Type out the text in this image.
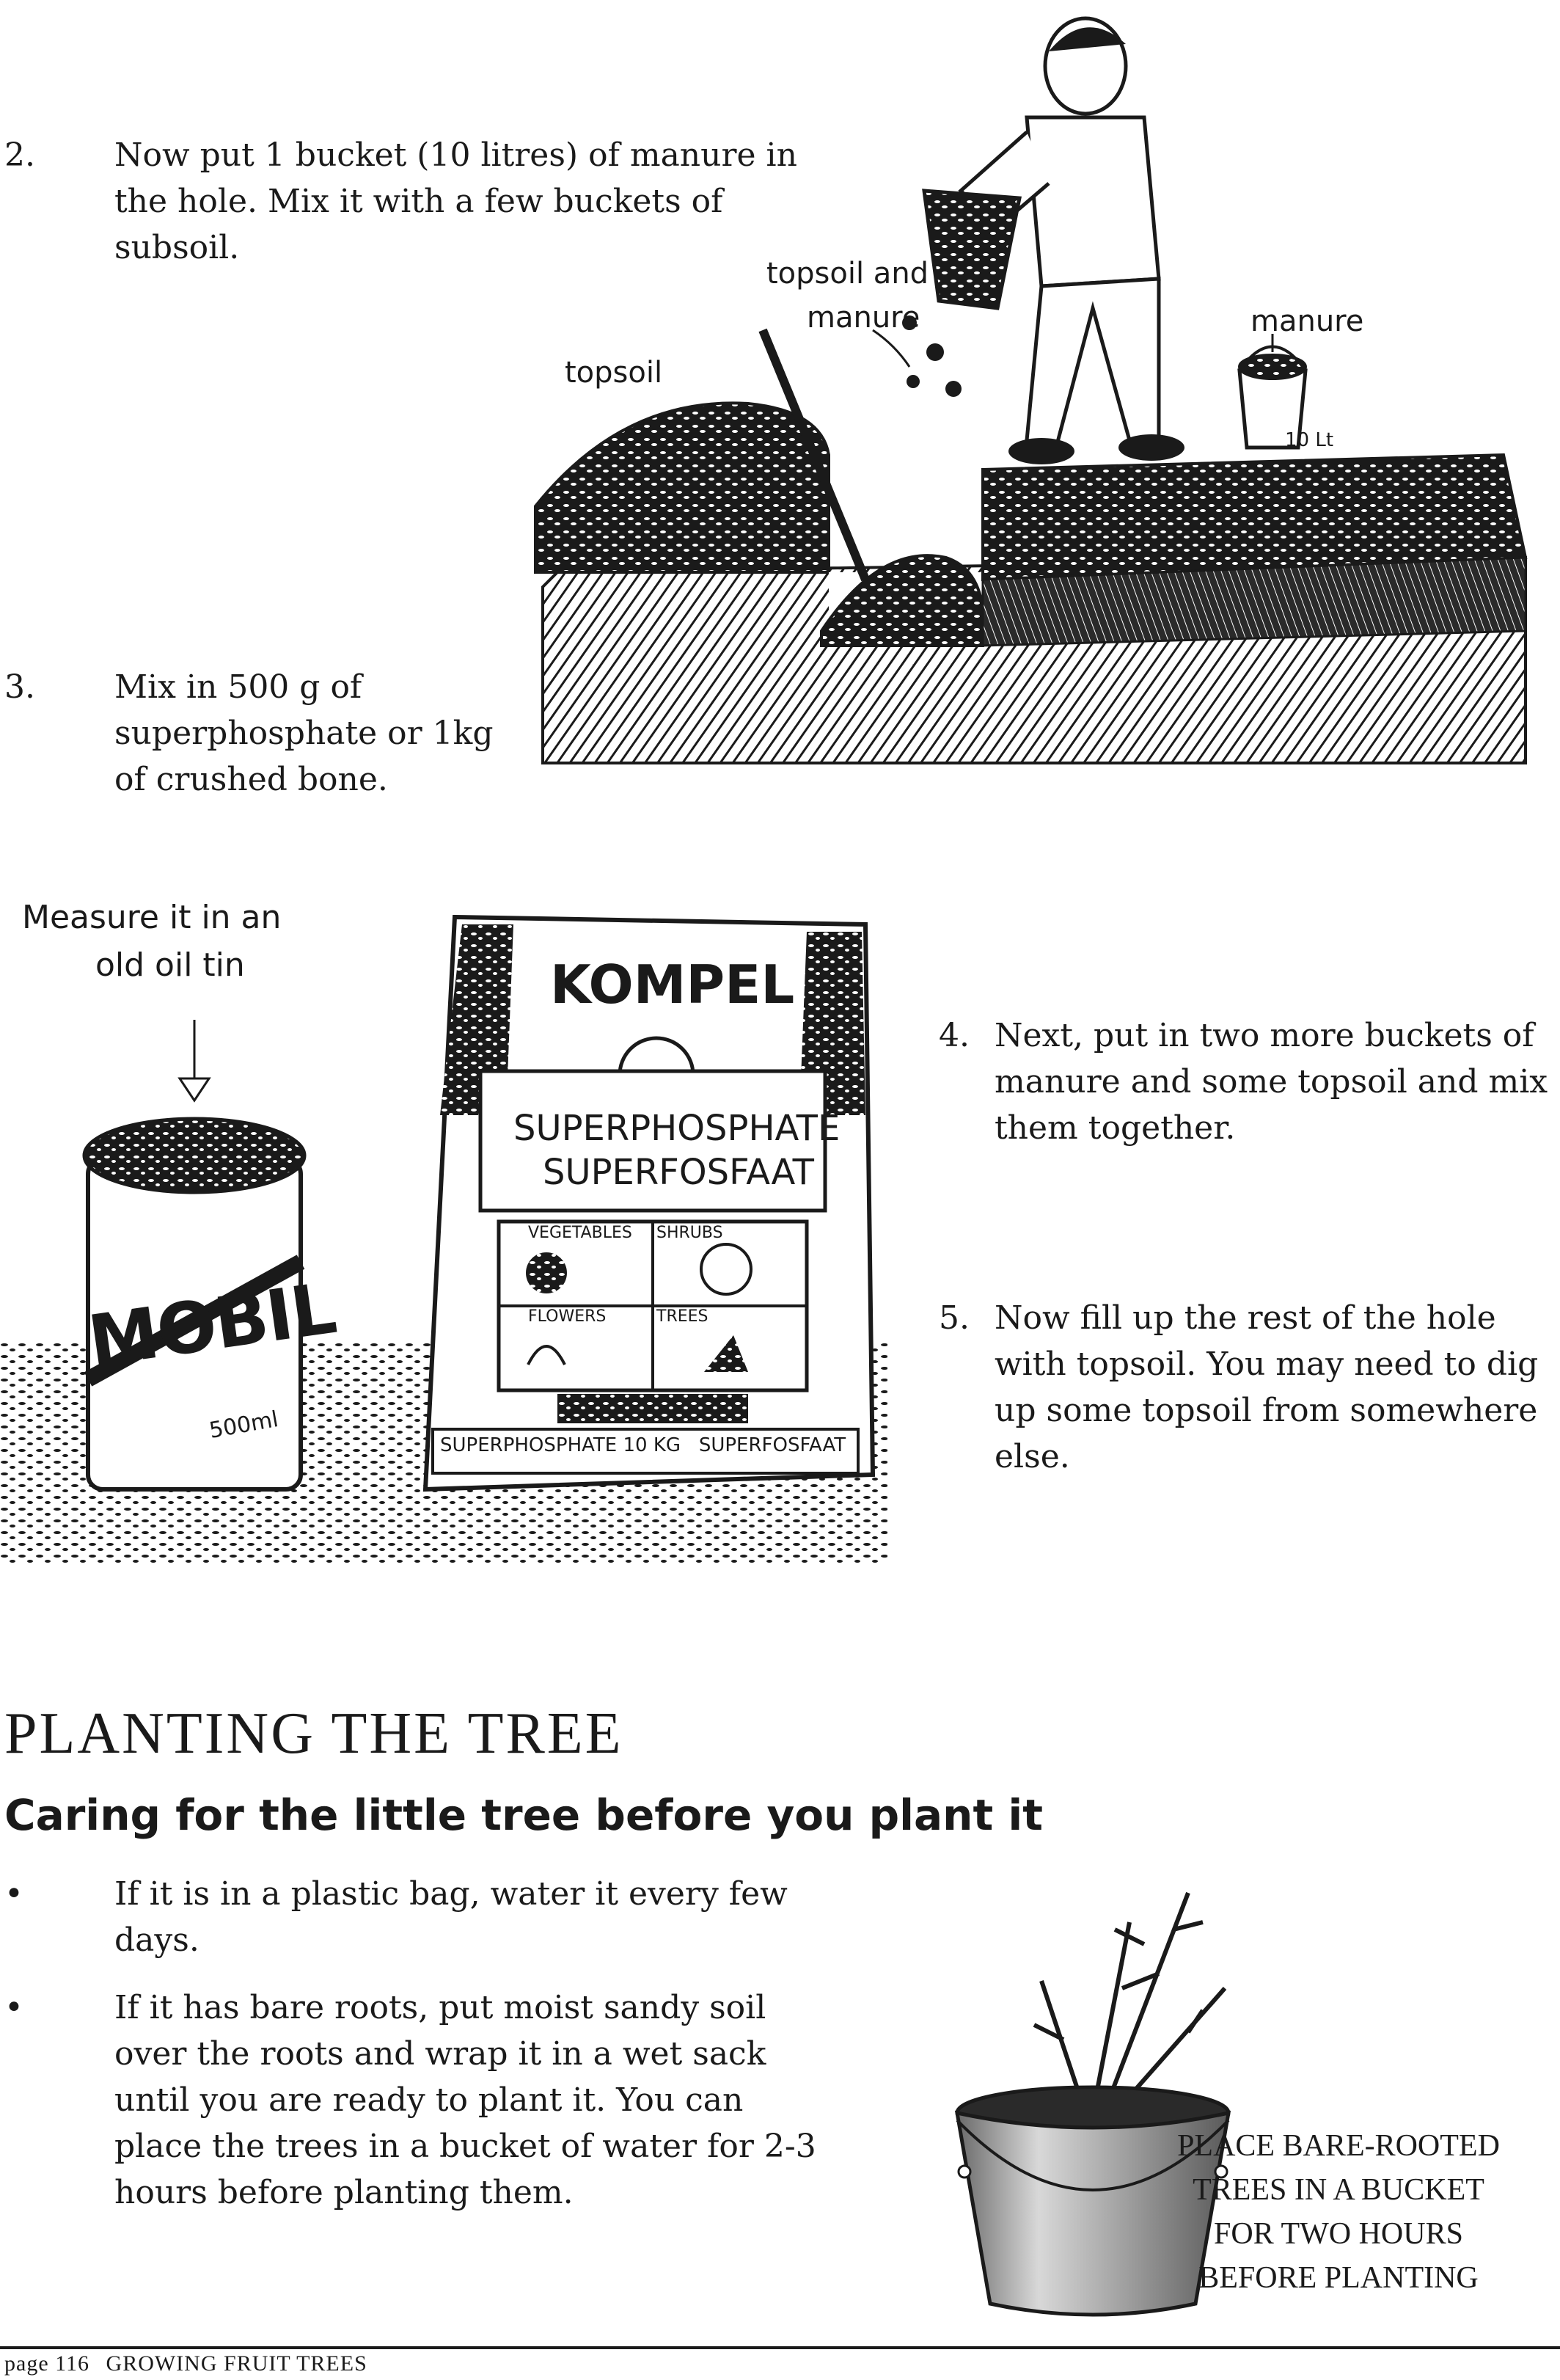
2. Now put 1 bucket (10 litres) of manure in the hole. Mix it with a few buckets of subsoil.
topsoil
topsoil and
manure	manure
10 Lt
3. Mix in 500 g of superphosphate or 1kg of crushed bone.
Measure it in an
old oil tin
MOBIL
500ml
KOMPEL
SUPERPHOSPHATE
SUPERFOSFAAT
VEGETABLES SHRUBS
FLOWERS	TREES
SUPERPHOSPHATE 10 KG   SUPERFOSFAAT
4. Next, put in two more buckets of manure and some topsoil and mix them together.
5. Now fill up the rest of the hole with topsoil. You may need to dig up some topsoil from somewhere else.
PLANTING THE TREE
Caring for the little tree before you plant it
•	If it is in a plastic bag, water it every few days.
•	If it has bare roots, put moist sandy soil over the roots and wrap it in a wet sack until you are ready to plant it. You can place the trees in a bucket of water for 2-3 hours before planting them.
PLACE BARE-ROOTED TREES IN A BUCKET FOR TWO HOURS BEFORE PLANTING
page 116 GROWING FRUIT TREES
